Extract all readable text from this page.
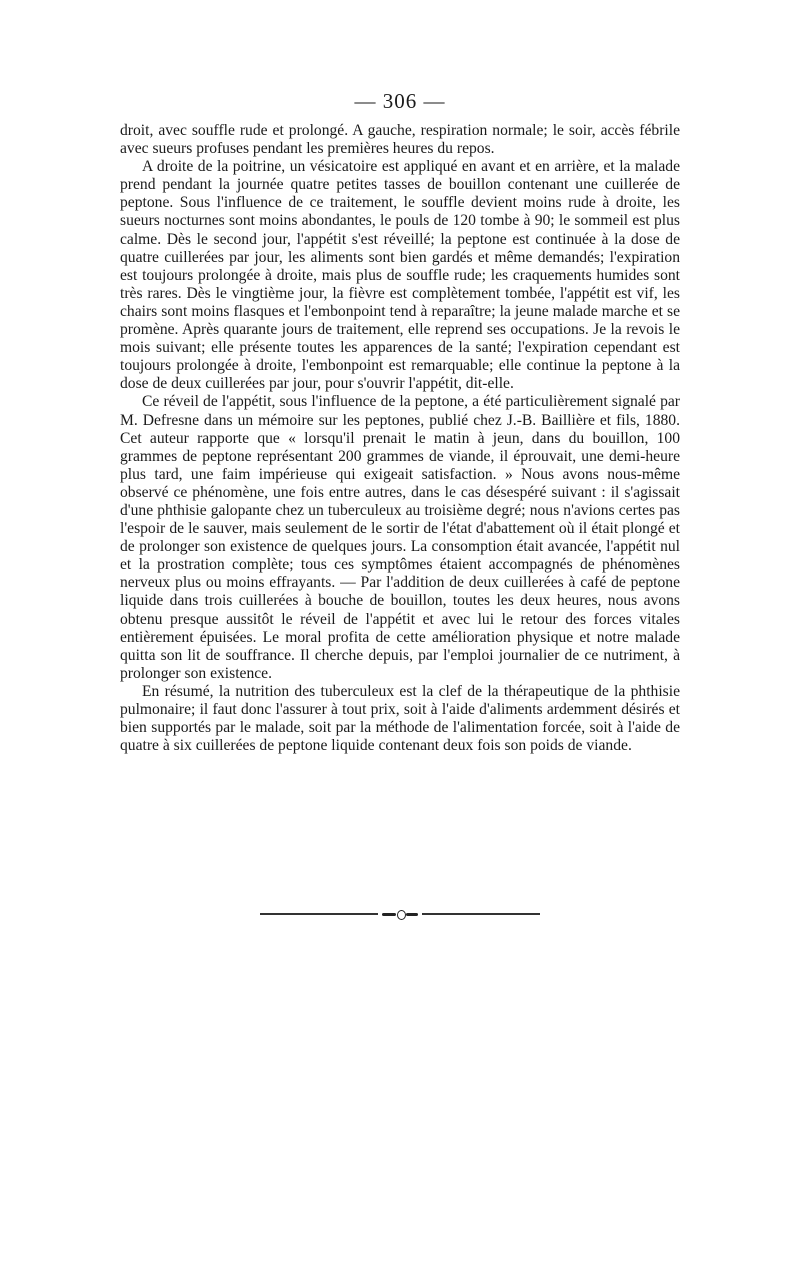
— 306 —

droit, avec souffle rude et prolongé. A gauche, respiration normale; le soir, accès fébrile avec sueurs profuses pendant les premières heures du repos.

A droite de la poitrine, un vésicatoire est appliqué en avant et en arrière, et la malade prend pendant la journée quatre petites tasses de bouillon contenant une cuillerée de peptone. Sous l'influence de ce traitement, le souffle devient moins rude à droite, les sueurs nocturnes sont moins abondantes, le pouls de 120 tombe à 90; le sommeil est plus calme. Dès le second jour, l'appétit s'est réveillé; la peptone est continuée à la dose de quatre cuillerées par jour, les aliments sont bien gardés et même demandés; l'expiration est toujours prolongée à droite, mais plus de souffle rude; les craquements humides sont très rares. Dès le vingtième jour, la fièvre est complètement tombée, l'appétit est vif, les chairs sont moins flasques et l'embonpoint tend à reparaître; la jeune malade marche et se promène. Après quarante jours de traitement, elle reprend ses occupations. Je la revois le mois suivant; elle présente toutes les apparences de la santé; l'expiration cependant est toujours prolongée à droite, l'embonpoint est remarquable; elle continue la peptone à la dose de deux cuillerées par jour, pour s'ouvrir l'appétit, dit-elle.

Ce réveil de l'appétit, sous l'influence de la peptone, a été particulièrement signalé par M. Defresne dans un mémoire sur les peptones, publié chez J.-B. Baillière et fils, 1880. Cet auteur rapporte que « lorsqu'il prenait le matin à jeun, dans du bouillon, 100 grammes de peptone représentant 200 grammes de viande, il éprouvait, une demi-heure plus tard, une faim impérieuse qui exigeait satisfaction. » Nous avons nous-même observé ce phénomène, une fois entre autres, dans le cas désespéré suivant : il s'agissait d'une phthisie galopante chez un tuberculeux au troisième degré; nous n'avions certes pas l'espoir de le sauver, mais seulement de le sortir de l'état d'abattement où il était plongé et de prolonger son existence de quelques jours. La consomption était avancée, l'appétit nul et la prostration complète; tous ces symptômes étaient accompagnés de phénomènes nerveux plus ou moins effrayants. — Par l'addition de deux cuillerées à café de peptone liquide dans trois cuillerées à bouche de bouillon, toutes les deux heures, nous avons obtenu presque aussitôt le réveil de l'appétit et avec lui le retour des forces vitales entièrement épuisées. Le moral profita de cette amélioration physique et notre malade quitta son lit de souffrance. Il cherche depuis, par l'emploi journalier de ce nutriment, à prolonger son existence.

En résumé, la nutrition des tuberculeux est la clef de la thérapeutique de la phthisie pulmonaire; il faut donc l'assurer à tout prix, soit à l'aide d'aliments ardemment désirés et bien supportés par le malade, soit par la méthode de l'alimentation forcée, soit à l'aide de quatre à six cuillerées de peptone liquide contenant deux fois son poids de viande.
